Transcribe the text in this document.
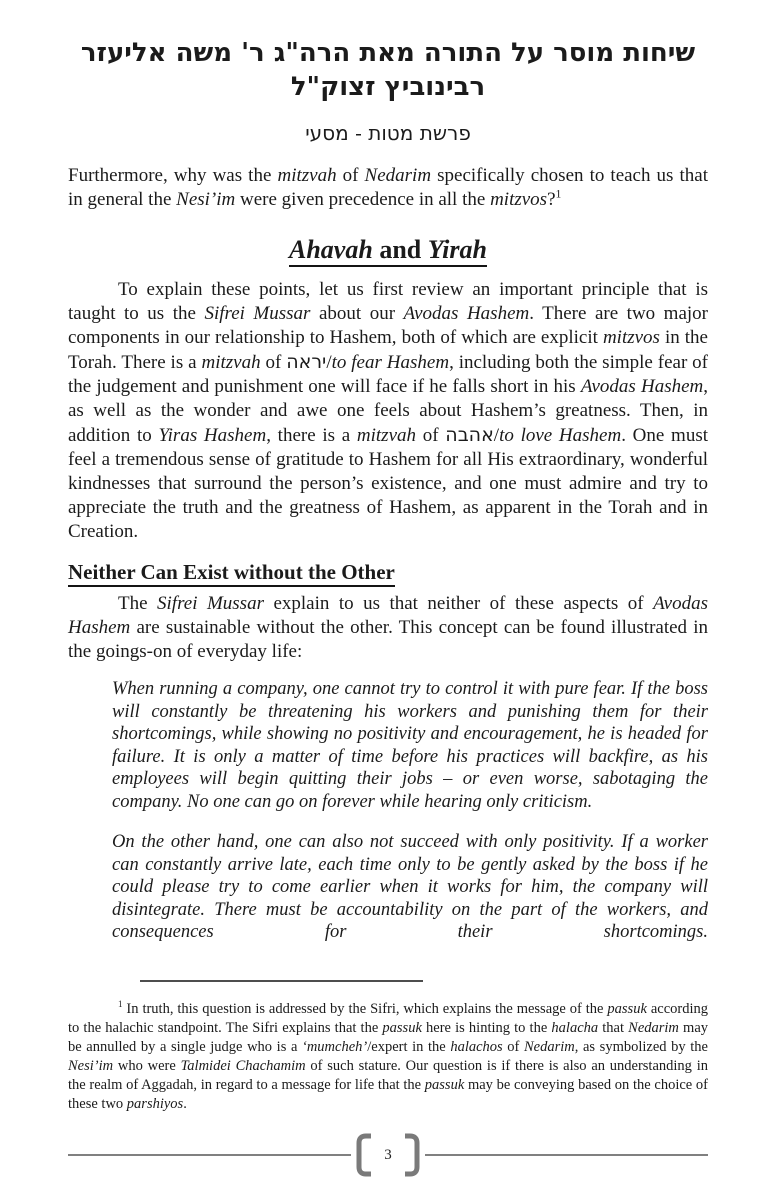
שיחות מוסר על התורה מאת הרה"ג ר' משה אליעזר רבינוביץ זצוק"ל
פרשת מטות - מסעי

Furthermore, why was the mitzvah of Nedarim specifically chosen to teach us that in general the Nesi’im were given precedence in all the mitzvos?$^1$

Ahavah and Yirah

To explain these points, let us first review an important principle that is taught to us the Sifrei Mussar about our Avodas Hashem. There are two major components in our relationship to Hashem, both of which are explicit mitzvos in the Torah. There is a mitzvah of יראה/to fear Hashem, including both the simple fear of the judgement and punishment one will face if he falls short in his Avodas Hashem, as well as the wonder and awe one feels about Hashem’s greatness. Then, in addition to Yiras Hashem, there is a mitzvah of אהבה/to love Hashem. One must feel a tremendous sense of gratitude to Hashem for all His extraordinary, wonderful kindnesses that surround the person’s existence, and one must admire and try to appreciate the truth and the greatness of Hashem, as apparent in the Torah and in Creation.

Neither Can Exist without the Other

The Sifrei Mussar explain to us that neither of these aspects of Avodas Hashem are sustainable without the other. This concept can be found illustrated in the goings-on of everyday life:

When running a company, one cannot try to control it with pure fear. If the boss will constantly be threatening his workers and punishing them for their shortcomings, while showing no positivity and encouragement, he is headed for failure. It is only a matter of time before his practices will backfire, as his employees will begin quitting their jobs – or even worse, sabotaging the company. No one can go on forever while hearing only criticism.

On the other hand, one can also not succeed with only positivity. If a worker can constantly arrive late, each time only to be gently asked by the boss if he could please try to come earlier when it works for him, the company will disintegrate. There must be accountability on the part of the workers, and consequences for their shortcomings.

$^1$ In truth, this question is addressed by the Sifri, which explains the message of the passuk according to the halachic standpoint. The Sifri explains that the passuk here is hinting to the halacha that Nedarim may be annulled by a single judge who is a ‘mumcheh’/expert in the halachos of Nedarim, as symbolized by the Nesi’im who were Talmidei Chachamim of such stature. Our question is if there is also an understanding in the realm of Aggadah, in regard to a message for life that the passuk may be conveying based on the choice of these two parshiyos.

3
